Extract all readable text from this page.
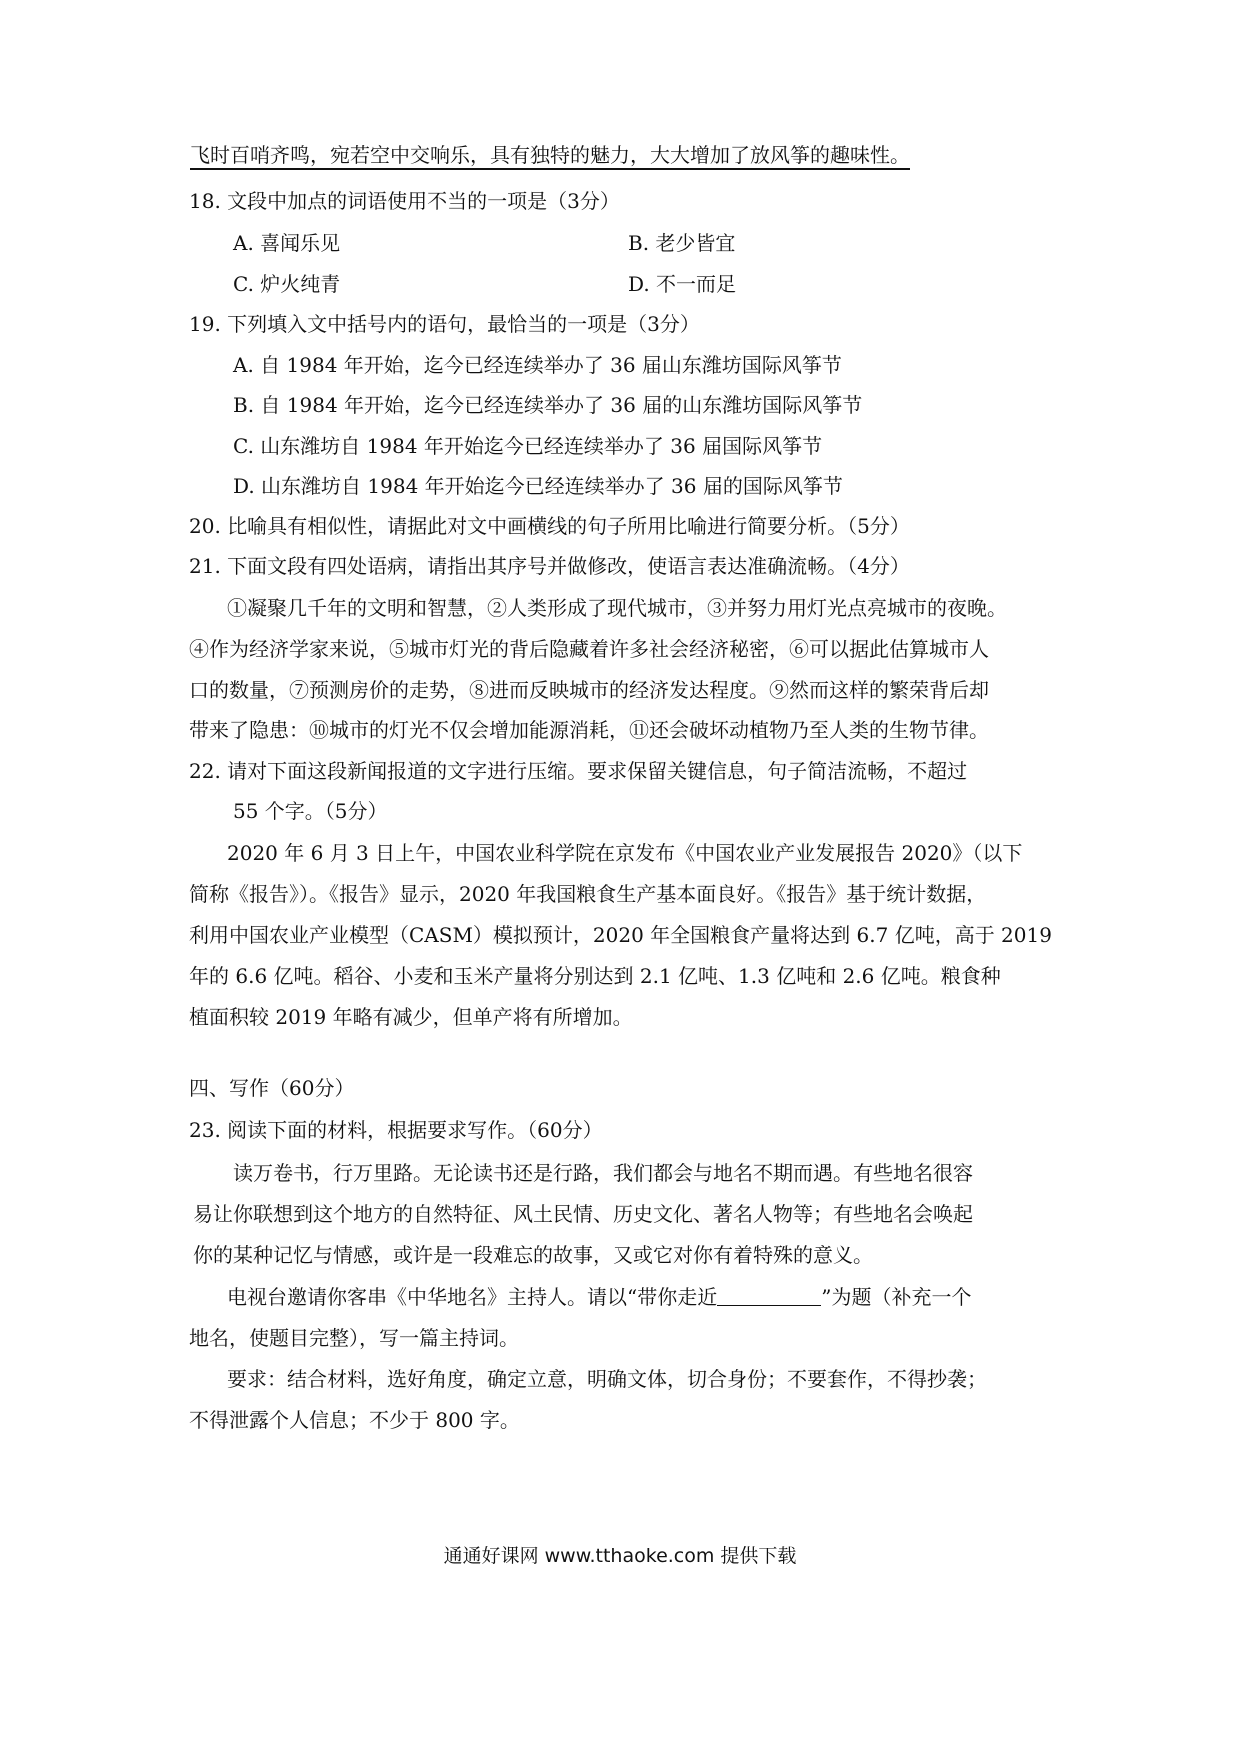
飞时百哨齐鸣，宛若空中交响乐，具有独特的魅力，大大增加了放风筝的趣味性。
18. 文段中加点的词语使用不当的一项是（3分）
A. 喜闻乐见	B. 老少皆宜
C. 炉火纯青	D. 不一而足
19. 下列填入文中括号内的语句，最恰当的一项是（3分）
A. 自 1984 年开始，迄今已经连续举办了 36 届山东潍坊国际风筝节
B. 自 1984 年开始，迄今已经连续举办了 36 届的山东潍坊国际风筝节
C. 山东潍坊自 1984 年开始迄今已经连续举办了 36 届国际风筝节
D. 山东潍坊自 1984 年开始迄今已经连续举办了 36 届的国际风筝节
20. 比喻具有相似性，请据此对文中画横线的句子所用比喻进行简要分析。（5分）
21. 下面文段有四处语病，请指出其序号并做修改，使语言表达准确流畅。（4分）
①凝聚几千年的文明和智慧，②人类形成了现代城市，③并努力用灯光点亮城市的夜晚。
④作为经济学家来说，⑤城市灯光的背后隐藏着许多社会经济秘密，⑥可以据此估算城市人
口的数量，⑦预测房价的走势，⑧进而反映城市的经济发达程度。⑨然而这样的繁荣背后却
带来了隐患：⑩城市的灯光不仅会增加能源消耗，⑪还会破坏动植物乃至人类的生物节律。
22. 请对下面这段新闻报道的文字进行压缩。要求保留关键信息，句子简洁流畅，不超过
55 个字。（5分）
2020 年 6 月 3 日上午，中国农业科学院在京发布《中国农业产业发展报告 2020》（以下
简称《报告》）。《报告》显示，2020 年我国粮食生产基本面良好。《报告》基于统计数据，
利用中国农业产业模型（CASM）模拟预计，2020 年全国粮食产量将达到 6.7 亿吨，高于 2019
年的 6.6 亿吨。稻谷、小麦和玉米产量将分别达到 2.1 亿吨、1.3 亿吨和 2.6 亿吨。粮食种
植面积较 2019 年略有减少，但单产将有所增加。
四、写作（60分）
23. 阅读下面的材料，根据要求写作。（60分）
读万卷书，行万里路。无论读书还是行路，我们都会与地名不期而遇。有些地名很容
易让你联想到这个地方的自然特征、风土民情、历史文化、著名人物等；有些地名会唤起
你的某种记忆与情感，或许是一段难忘的故事，又或它对你有着特殊的意义。
电视台邀请你客串《中华地名》主持人。请以“带你走近	”为题（补充一个
地名，使题目完整），写一篇主持词。
要求：结合材料，选好角度，确定立意，明确文体，切合身份；不要套作，不得抄袭；
不得泄露个人信息；不少于 800 字。
通通好课网 www.tthaoke.com 提供下载
